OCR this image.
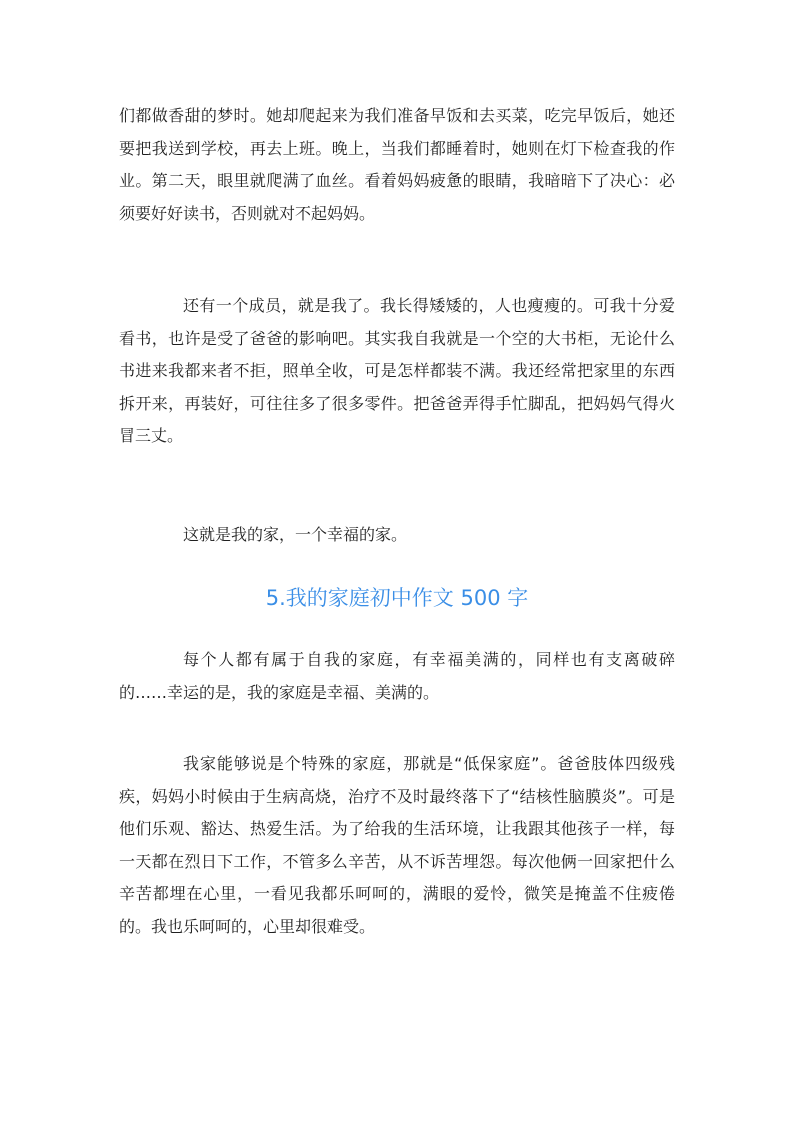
们都做香甜的梦时。她却爬起来为我们准备早饭和去买菜，吃完早饭后，她还要把我送到学校，再去上班。晚上，当我们都睡着时，她则在灯下检查我的作业。第二天，眼里就爬满了血丝。看着妈妈疲惫的眼睛，我暗暗下了决心：必须要好好读书，否则就对不起妈妈。

还有一个成员，就是我了。我长得矮矮的，人也瘦瘦的。可我十分爱看书，也许是受了爸爸的影响吧。其实我自我就是一个空的大书柜，无论什么书进来我都来者不拒，照单全收，可是怎样都装不满。我还经常把家里的东西拆开来，再装好，可往往多了很多零件。把爸爸弄得手忙脚乱，把妈妈气得火冒三丈。

这就是我的家，一个幸福的家。

5.我的家庭初中作文 500 字

每个人都有属于自我的家庭，有幸福美满的，同样也有支离破碎的……幸运的是，我的家庭是幸福、美满的。

我家能够说是个特殊的家庭，那就是“低保家庭”。爸爸肢体四级残疾，妈妈小时候由于生病高烧，治疗不及时最终落下了“结核性脑膜炎”。可是他们乐观、豁达、热爱生活。为了给我的生活环境，让我跟其他孩子一样，每一天都在烈日下工作，不管多么辛苦，从不诉苦埋怨。每次他俩一回家把什么辛苦都埋在心里，一看见我都乐呵呵的，满眼的爱怜，微笑是掩盖不住疲倦的。我也乐呵呵的，心里却很难受。
